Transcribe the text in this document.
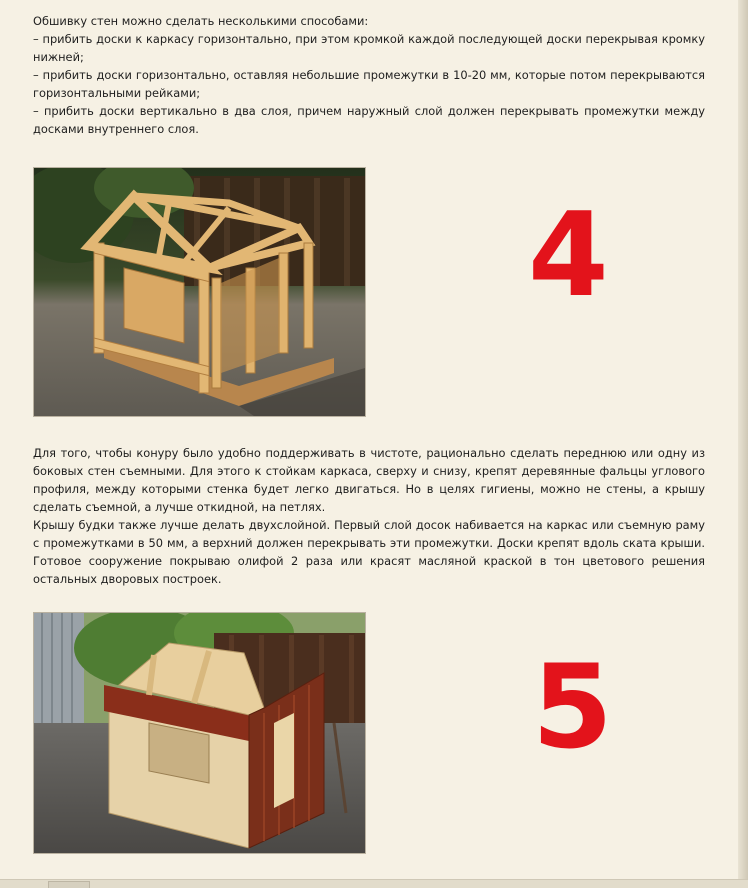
Обшивку стен можно сделать несколькими способами:

– прибить доски к каркасу горизонтально, при этом кромкой каждой последующей доски перекрывая кромку нижней;

– прибить доски горизонтально, оставляя небольшие промежутки в 10-20 мм, которые потом перекрываются горизонтальными рейками;

– прибить доски вертикально в два слоя, причем наружный слой должен перекрывать промежутки между досками внутреннего слоя.

4

Для того, чтобы конуру было удобно поддерживать в чистоте, рационально сделать переднюю или одну из боковых стен съемными. Для этого к стойкам каркаса, сверху и снизу, крепят деревянные фальцы углового профиля, между которыми стенка будет легко двигаться. Но в целях гигиены, можно не стены, а крышу сделать съемной, а лучше откидной, на петлях.

Крышу будки также лучше делать двухслойной. Первый слой досок набивается на каркас или съемную раму с промежутками в 50 мм, а верхний должен перекрывать эти промежутки. Доски крепят вдоль ската крыши. Готовое сооружение покрываю олифой 2 раза или красят масляной краской в тон цветового решения остальных дворовых построек.

5
